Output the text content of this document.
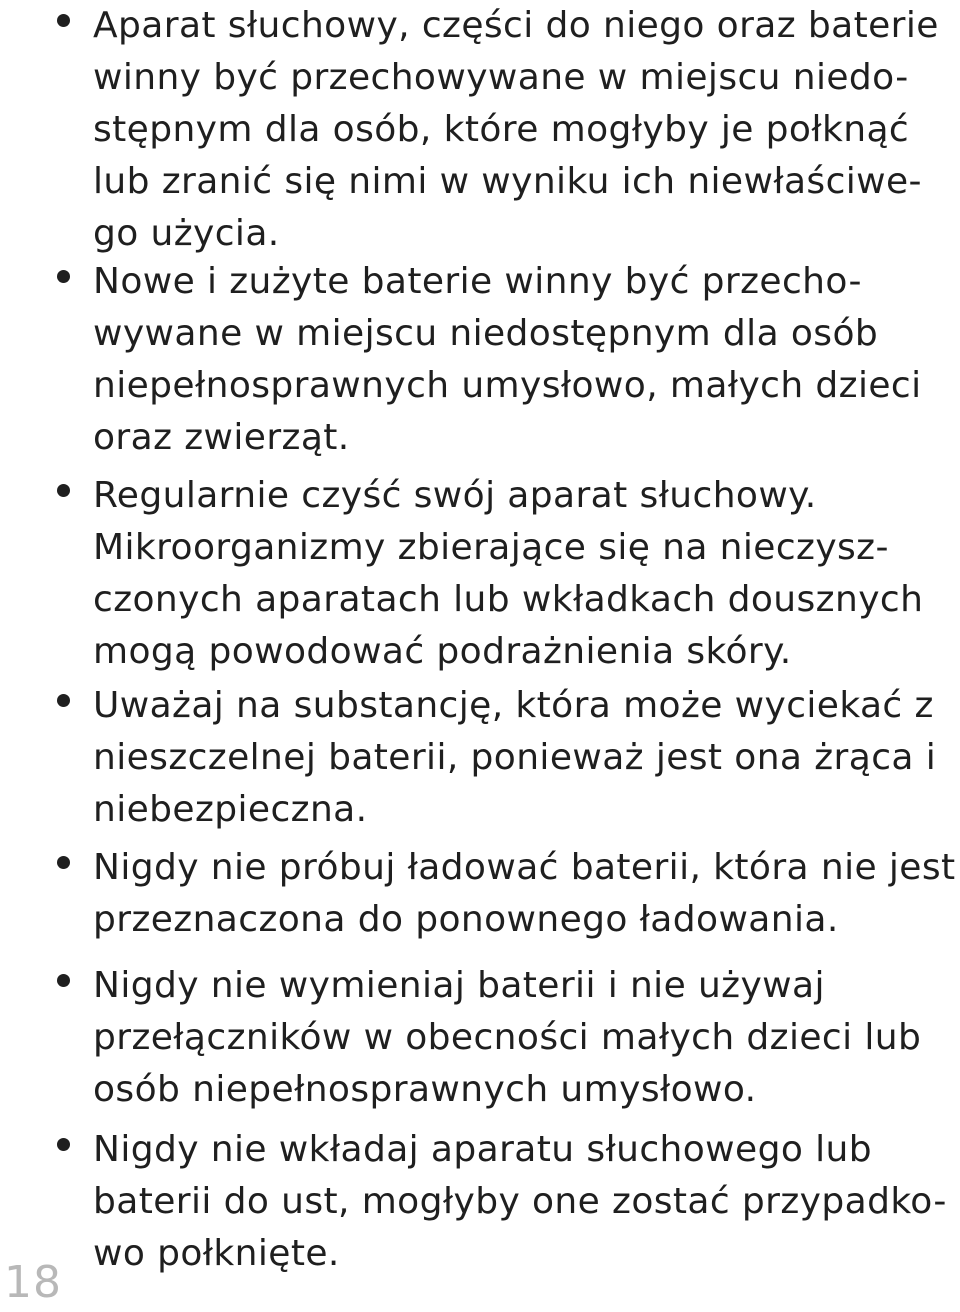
Aparat słuchowy, części do niego oraz baterie
winny być przechowywane w miejscu niedo-
stępnym dla osób, które mogłyby je połknąć
lub zranić się nimi w wyniku ich niewłaściwe-
go użycia.
Nowe i zużyte baterie winny być przecho-
wywane w miejscu niedostępnym dla osób
niepełnosprawnych umysłowo, małych dzieci
oraz zwierząt.
Regularnie czyść swój aparat słuchowy.
Mikroorganizmy zbierające się na nieczysz-
czonych aparatach lub wkładkach dousznych
mogą powodować podrażnienia skóry.
Uważaj na substancję, która może wyciekać z
nieszczelnej baterii, ponieważ jest ona żrąca i
niebezpieczna.
Nigdy nie próbuj ładować baterii, która nie jest
przeznaczona do ponownego ładowania.
Nigdy nie wymieniaj baterii i nie używaj
przełączników w obecności małych dzieci lub
osób niepełnosprawnych umysłowo.
Nigdy nie wkładaj aparatu słuchowego lub
baterii do ust, mogłyby one zostać przypadko-
wo połknięte.
18
